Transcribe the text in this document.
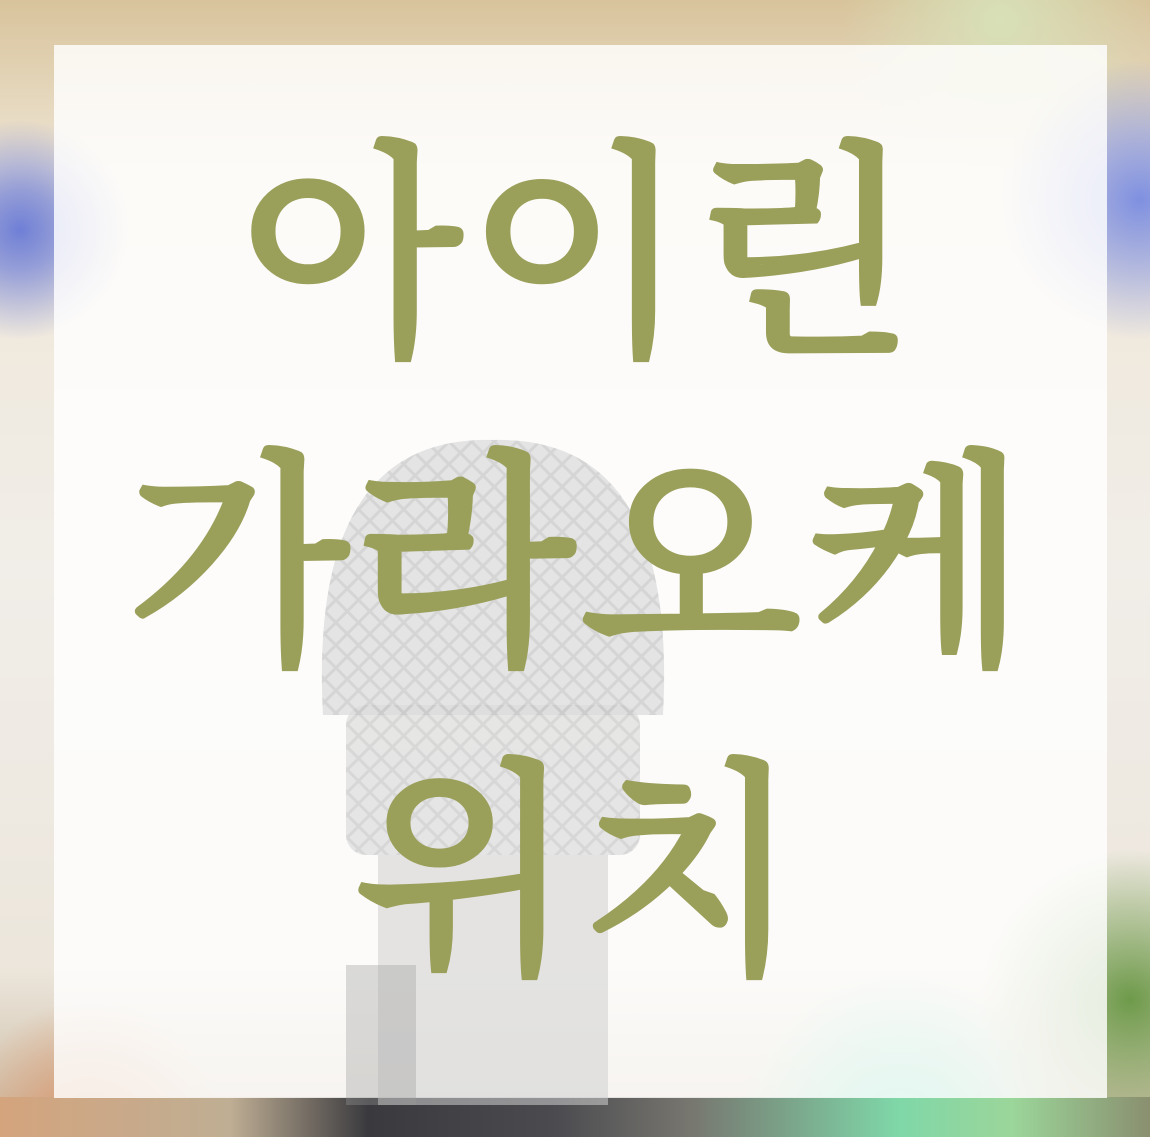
아이린
가라오케
위치
